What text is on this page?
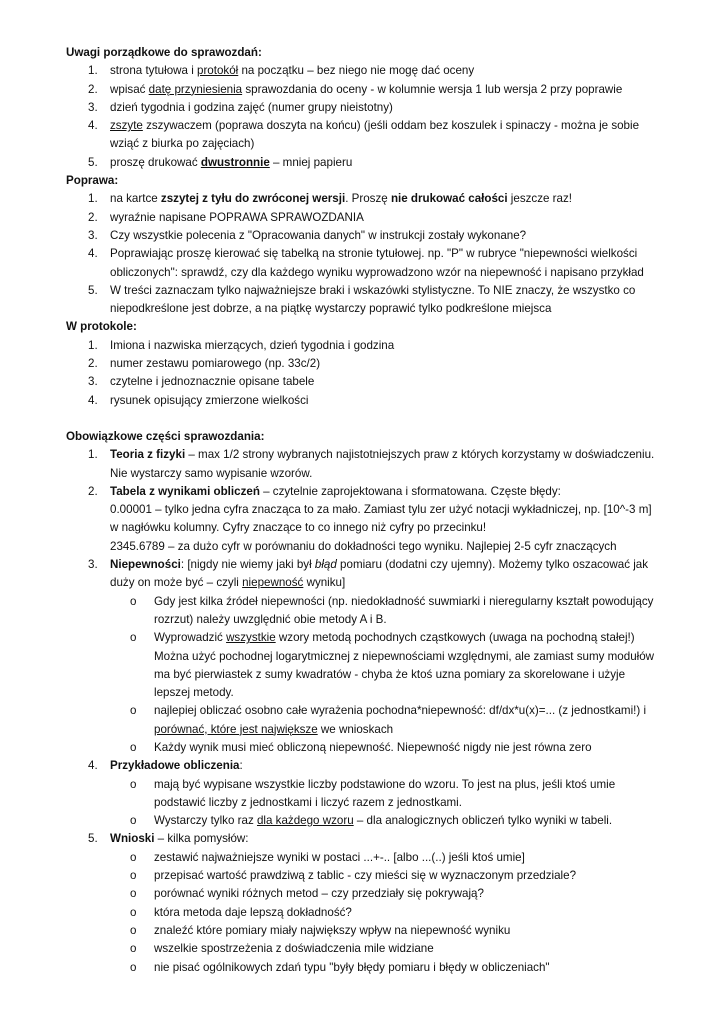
Uwagi porządkowe do sprawozdań:
1. strona tytułowa i protokół na początku – bez niego nie mogę dać oceny
2. wpisać datę przyniesienia sprawozdania do oceny - w kolumnie wersja 1 lub wersja 2 przy poprawie
3. dzień tygodnia i godzina zajęć (numer grupy nieistotny)
4. zszyte zszywaczem (poprawa doszyta na końcu) (jeśli oddam bez koszulek i spinaczy - można je sobie wziąć z biurka po zajęciach)
5. proszę drukować dwustronnie – mniej papieru
Poprawa:
1. na kartce zszytej z tyłu do zwróconej wersji. Proszę nie drukować całości jeszcze raz!
2. wyraźnie napisane POPRAWA SPRAWOZDANIA
3. Czy wszystkie polecenia z "Opracowania danych" w instrukcji zostały wykonane?
4. Poprawiając proszę kierować się tabelką na stronie tytułowej. np. "P" w rubryce "niepewności wielkości obliczonych": sprawdź, czy dla każdego wyniku wyprowadzono wzór na niepewność i napisano przykład
5. W treści zaznaczam tylko najważniejsze braki i wskazówki stylistyczne. To NIE znaczy, że wszystko co niepodkreślone jest dobrze, a na piątkę wystarczy poprawić tylko podkreślone miejsca
W protokole:
1. Imiona i nazwiska mierzących, dzień tygodnia i godzina
2. numer zestawu pomiarowego (np. 33c/2)
3. czytelne i jednoznacznie opisane tabele
4. rysunek opisujący zmierzone wielkości
Obowiązkowe części sprawozdania:
1. Teoria z fizyki – max 1/2 strony wybranych najistotniejszych praw z których korzystamy w doświadczeniu. Nie wystarczy samo wypisanie wzorów.
2. Tabela z wynikami obliczeń – czytelnie zaprojektowana i sformatowana. Częste błędy:
0.00001 – tylko jedna cyfra znacząca to za mało. Zamiast tylu zer użyć notacji wykładniczej, np. [10^-3 m] w nagłówku kolumny. Cyfry znaczące to co innego niż cyfry po przecinku!
2345.6789 – za dużo cyfr w porównaniu do dokładności tego wyniku. Najlepiej 2-5 cyfr znaczących
3. Niepewności: [nigdy nie wiemy jaki był błąd pomiaru (dodatni czy ujemny). Możemy tylko oszacować jak duży on może być – czyli niepewność wyniku]
o Gdy jest kilka źródeł niepewności (np. niedokładność suwmiarki i nieregularny kształt powodujący rozrzut) należy uwzględnić obie metody A i B.
o Wyprowadzić wszystkie wzory metodą pochodnych cząstkowych (uwaga na pochodną stałej!)
Można użyć pochodnej logarytmicznej z niepewnościami względnymi, ale zamiast sumy modułów ma być pierwiastek z sumy kwadratów - chyba że ktoś uzna pomiary za skorelowane i użyje lepszej metody.
o najlepiej obliczać osobno całe wyrażenia pochodna*niepewność: df/dx*u(x)=... (z jednostkami!) i porównać, które jest największe we wnioskach
o Każdy wynik musi mieć obliczoną niepewność. Niepewność nigdy nie jest równa zero
4. Przykładowe obliczenia:
o mają być wypisane wszystkie liczby podstawione do wzoru. To jest na plus, jeśli ktoś umie podstawić liczby z jednostkami i liczyć razem z jednostkami.
o Wystarczy tylko raz dla każdego wzoru – dla analogicznych obliczeń tylko wyniki w tabeli.
5. Wnioski – kilka pomysłów:
o zestawić najważniejsze wyniki w postaci ...+-.. [albo ...(..) jeśli ktoś umie]
o przepisać wartość prawdziwą z tablic - czy mieści się w wyznaczonym przedziale?
o porównać wyniki różnych metod – czy przedziały się pokrywają?
o która metoda daje lepszą dokładność?
o znaleźć które pomiary miały największy wpływ na niepewność wyniku
o wszelkie spostrzeżenia z doświadczenia mile widziane
o nie pisać ogólnikowych zdań typu "były błędy pomiaru i błędy w obliczeniach"
